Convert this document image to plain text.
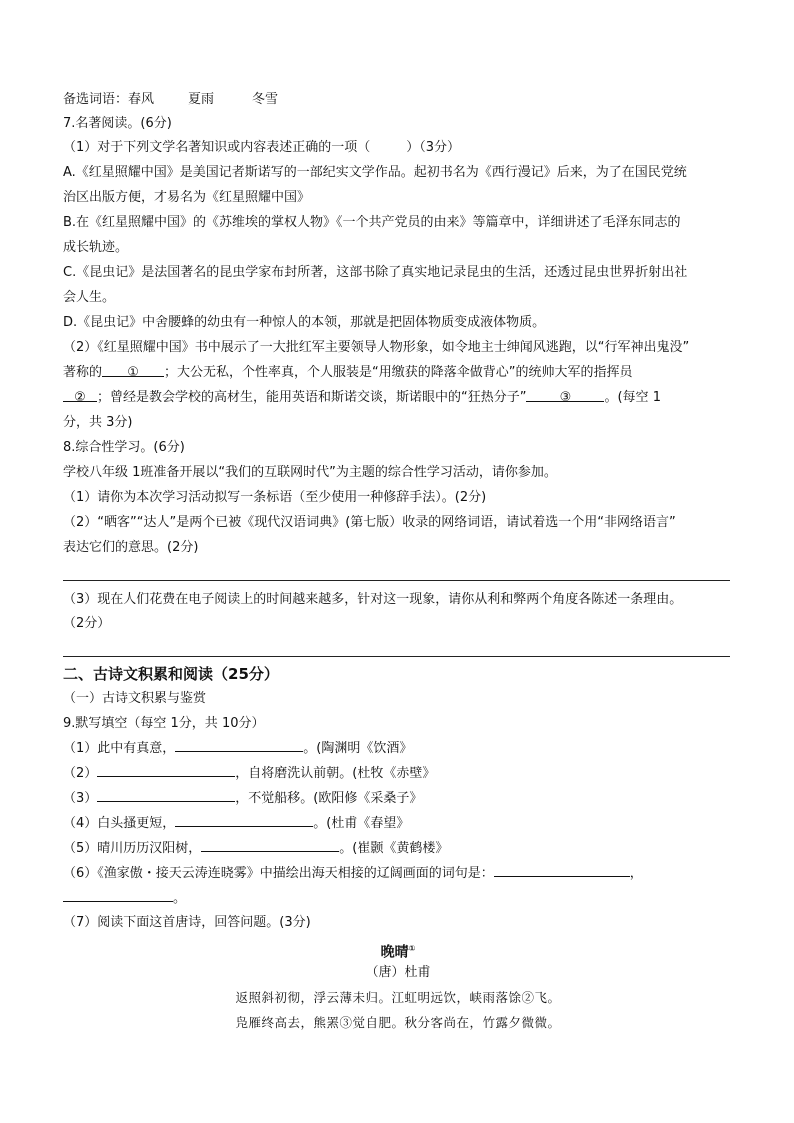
备选词语：春风	夏雨	冬雪
7.名著阅读。(6分)
（1）对于下列文学名著知识或内容表述正确的一项（	）（3分）
A.《红星照耀中国》是美国记者斯诺写的一部纪实文学作品。起初书名为《西行漫记》后来，为了在国民党统
治区出版方便，才易名为《红星照耀中国》
B.在《红星照耀中国》的《苏维埃的掌权人物》《一个共产党员的由来》等篇章中，详细讲述了毛泽东同志的
成长轨迹。
C.《昆虫记》是法国著名的昆虫学家布封所著，这部书除了真实地记录昆虫的生活，还透过昆虫世界折射出社
会人生。
D.《昆虫记》中舍腰蜂的幼虫有一种惊人的本领，那就是把固体物质变成液体物质。
（2）《红星照耀中国》书中展示了一大批红军主要领导人物形象，如令地主士绅闻风逃跑，以“行军神出鬼没”
著称的 ① ；大公无私，个性率真，个人服装是“用缴获的降落伞做背心”的统帅大军的指挥员
② ；曾经是教会学校的高材生，能用英语和斯诺交谈，斯诺眼中的“狂热分子”	③	。(每空 1
分，共 3分)
8.综合性学习。(6分)
学校八年级 1班准备开展以“我们的互联网时代”为主题的综合性学习活动，请你参加。
（1）请你为本次学习活动拟写一条标语（至少使用一种修辞手法）。(2分)
（2）“晒客”“达人”是两个已被《现代汉语词典》(第七版）收录的网络词语，请试着选一个用“非网络语言”
表达它们的意思。(2分)
（3）现在人们花费在电子阅读上的时间越来越多，针对这一现象，请你从利和弊两个角度各陈述一条理由。
（2分）
二、古诗文积累和阅读（25分）
（一）古诗文积累与鉴赏
9.默写填空（每空 1分，共 10分）
（1）此中有真意，	。(陶渊明《饮酒》
（2）	，自将磨洗认前朝。(杜牧《赤壁》
（3）	，不觉船移。(欧阳修《采桑子》
（4）白头搔更短，	。(杜甫《春望》
（5）晴川历历汉阳树，	。(崔颢《黄鹤楼》
（6）《渔家傲・接天云涛连晓雾》中描绘出海天相接的辽阔画面的词句是：	，
。
（7）阅读下面这首唐诗，回答问题。(3分)
晚晴①
（唐）杜甫
返照斜初彻，浮云薄未归。江虹明远饮，峡雨落馀②飞。
凫雁终高去，熊罴③觉自肥。秋分客尚在，竹露夕微微。
